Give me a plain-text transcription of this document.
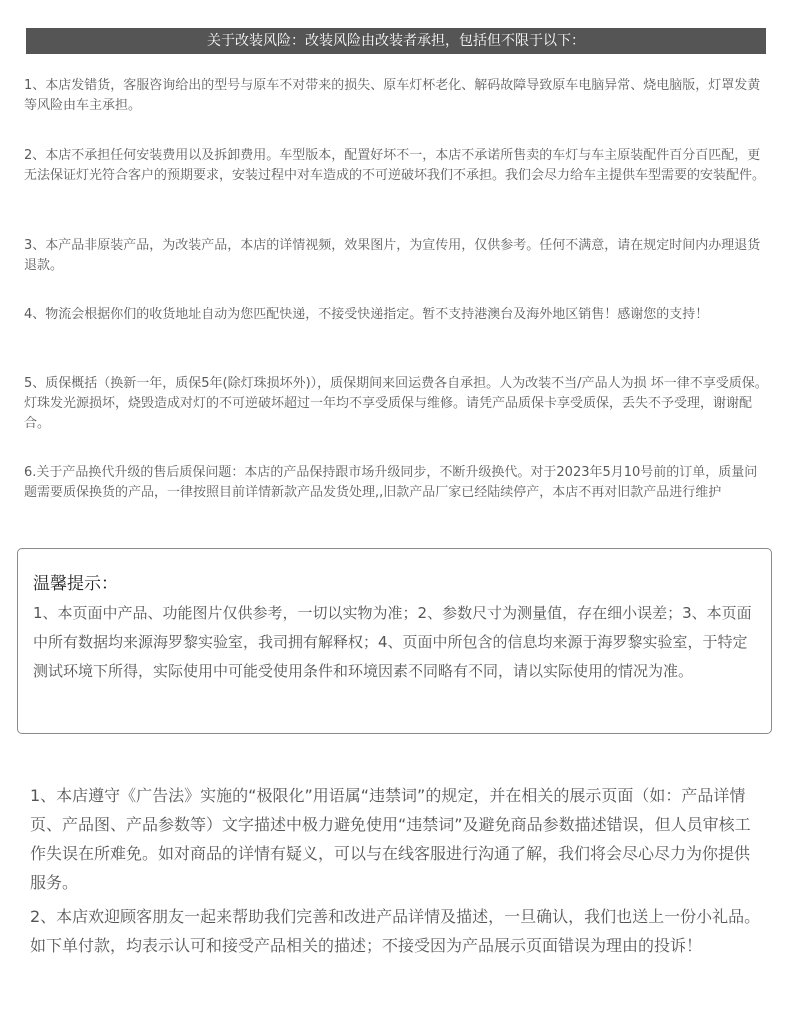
关于改装风险：改装风险由改装者承担，包括但不限于以下：
1、本店发错货，客服咨询给出的型号与原车不对带来的损失、原车灯杯老化、解码故障导致原车电脑异常、烧电脑版，灯罩发黄等风险由车主承担。
2、本店不承担任何安装费用以及拆卸费用。车型版本，配置好坏不一，本店不承诺所售卖的车灯与车主原装配件百分百匹配，更无法保证灯光符合客户的预期要求，安装过程中对车造成的不可逆破坏我们不承担。我们会尽力给车主提供车型需要的安装配件。
3、本产品非原装产品，为改装产品，本店的详情视频，效果图片，为宣传用，仅供参考。任何不满意，请在规定时间内办理退货退款。
4、物流会根据你们的收货地址自动为您匹配快递，不接受快递指定。暂不支持港澳台及海外地区销售！感谢您的支持！
5、质保概括（换新一年，质保5年(除灯珠损坏外)），质保期间来回运费各自承担。人为改装不当/产品人为损 坏一律不享受质保。灯珠发光源损坏，烧毁造成对灯的不可逆破坏超过一年均不享受质保与维修。请凭产品质保卡享受质保，丢失不予受理，谢谢配合。
6.关于产品换代升级的售后质保问题：本店的产品保持跟市场升级同步，不断升级换代。对于2023年5月10号前的订单，质量问题需要质保换货的产品，一律按照目前详情新款产品发货处理,,旧款产品厂家已经陆续停产，本店不再对旧款产品进行维护
温馨提示：
1、本页面中产品、功能图片仅供参考，一切以实物为准；2、参数尺寸为测量值，存在细小误差；3、本页面中所有数据均来源海罗黎实验室，我司拥有解释权；4、页面中所包含的信息均来源于海罗黎实验室，于特定测试环境下所得，实际使用中可能受使用条件和环境因素不同略有不同，请以实际使用的情况为准。
1、本店遵守《广告法》实施的“极限化”用语属“违禁词”的规定，并在相关的展示页面（如：产品详情页、产品图、产品参数等）文字描述中极力避免使用“违禁词”及避免商品参数描述错误，但人员审核工作失误在所难免。如对商品的详情有疑义，可以与在线客服进行沟通了解，我们将会尽心尽力为你提供服务。
2、本店欢迎顾客朋友一起来帮助我们完善和改进产品详情及描述，一旦确认，我们也送上一份小礼品。如下单付款，均表示认可和接受产品相关的描述；不接受因为产品展示页面错误为理由的投诉！
